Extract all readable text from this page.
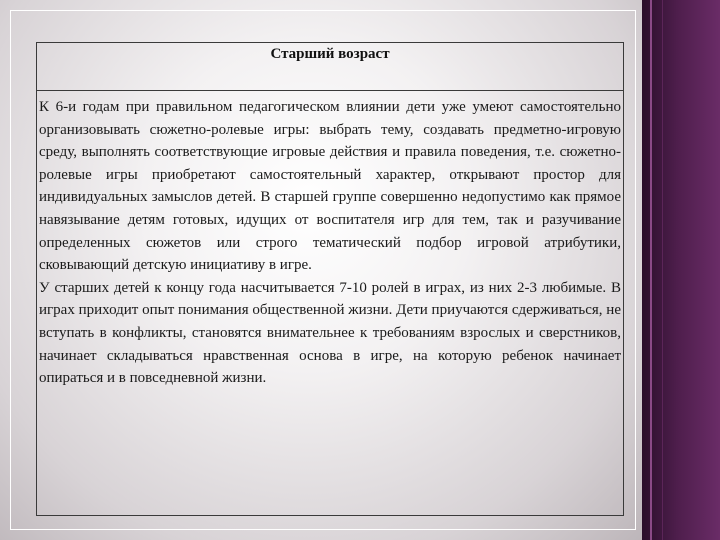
Старший возраст

К 6-и годам при правильном педагогическом влиянии дети уже умеют самостоятельно организовывать сюжетно-ролевые игры: выбрать тему, создавать предметно-игровую среду, выполнять соответствующие игровые действия и правила поведения, т.е. сюжетно-ролевые игры приобретают самостоятельный характер, открывают простор для индивидуальных замыслов детей. В старшей группе совершенно недопустимо как прямое навязывание детям готовых, идущих от воспитателя игр для тем, так и разучивание определенных сюжетов или строго тематический подбор игровой атрибутики, сковывающий детскую инициативу в игре.

У старших детей к концу года насчитывается 7-10 ролей в играх, из них 2-3 любимые. В играх приходит опыт понимания общественной жизни. Дети приучаются сдерживаться, не вступать в конфликты, становятся внимательнее к требованиям взрослых и сверстников, начинает складываться нравственная основа в игре, на которую ребенок начинает опираться и в повседневной жизни.
